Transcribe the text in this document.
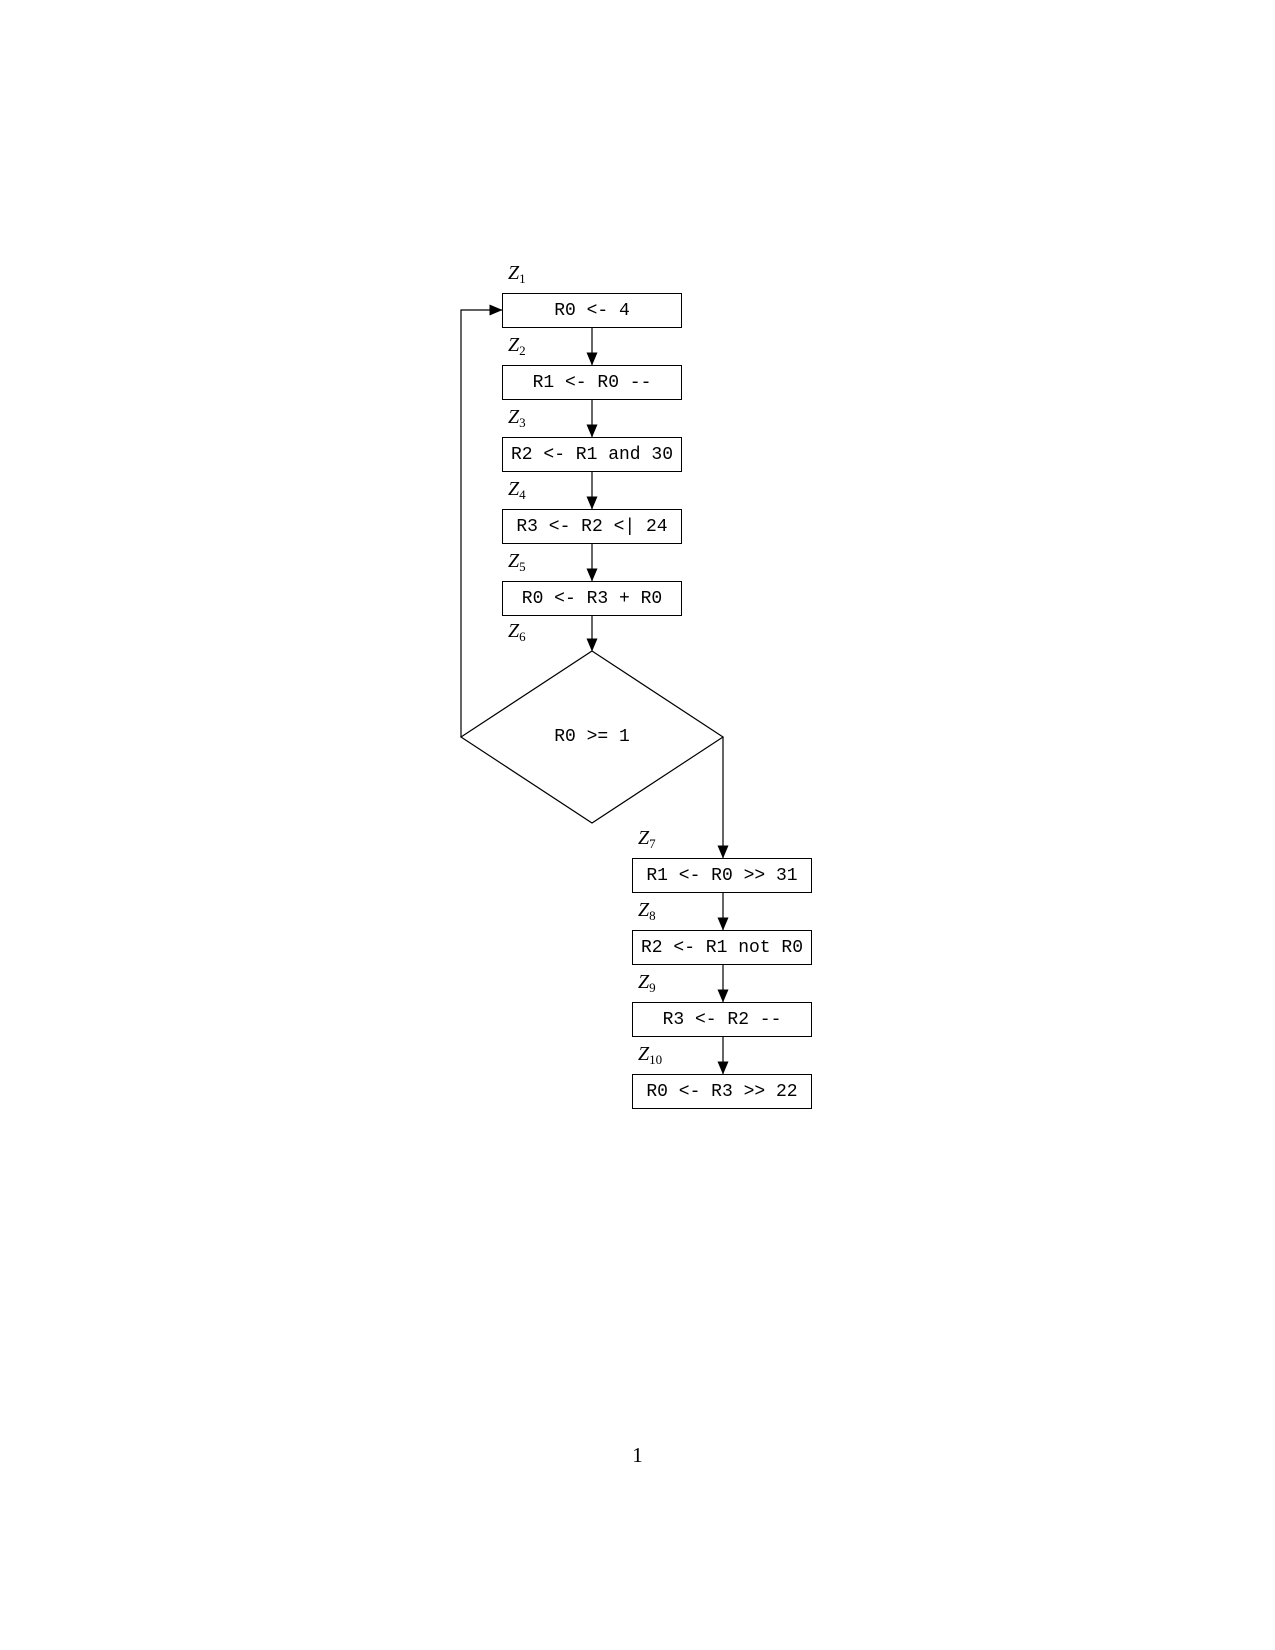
$Z_1$
$Z_2$
$Z_3$
$Z_4$
$Z_5$
$Z_6$
$Z_7$
$Z_8$
$Z_9$
$Z_{10}$
R0 <- 4
R1 <- R0 --
R2 <- R1 and 30
R3 <- R2 <| 24
R0 <- R3 + R0
R0 >= 1
R1 <- R0 >> 31
R2 <- R1 not R0
R3 <- R2 --
R0 <- R3 >> 22
1
